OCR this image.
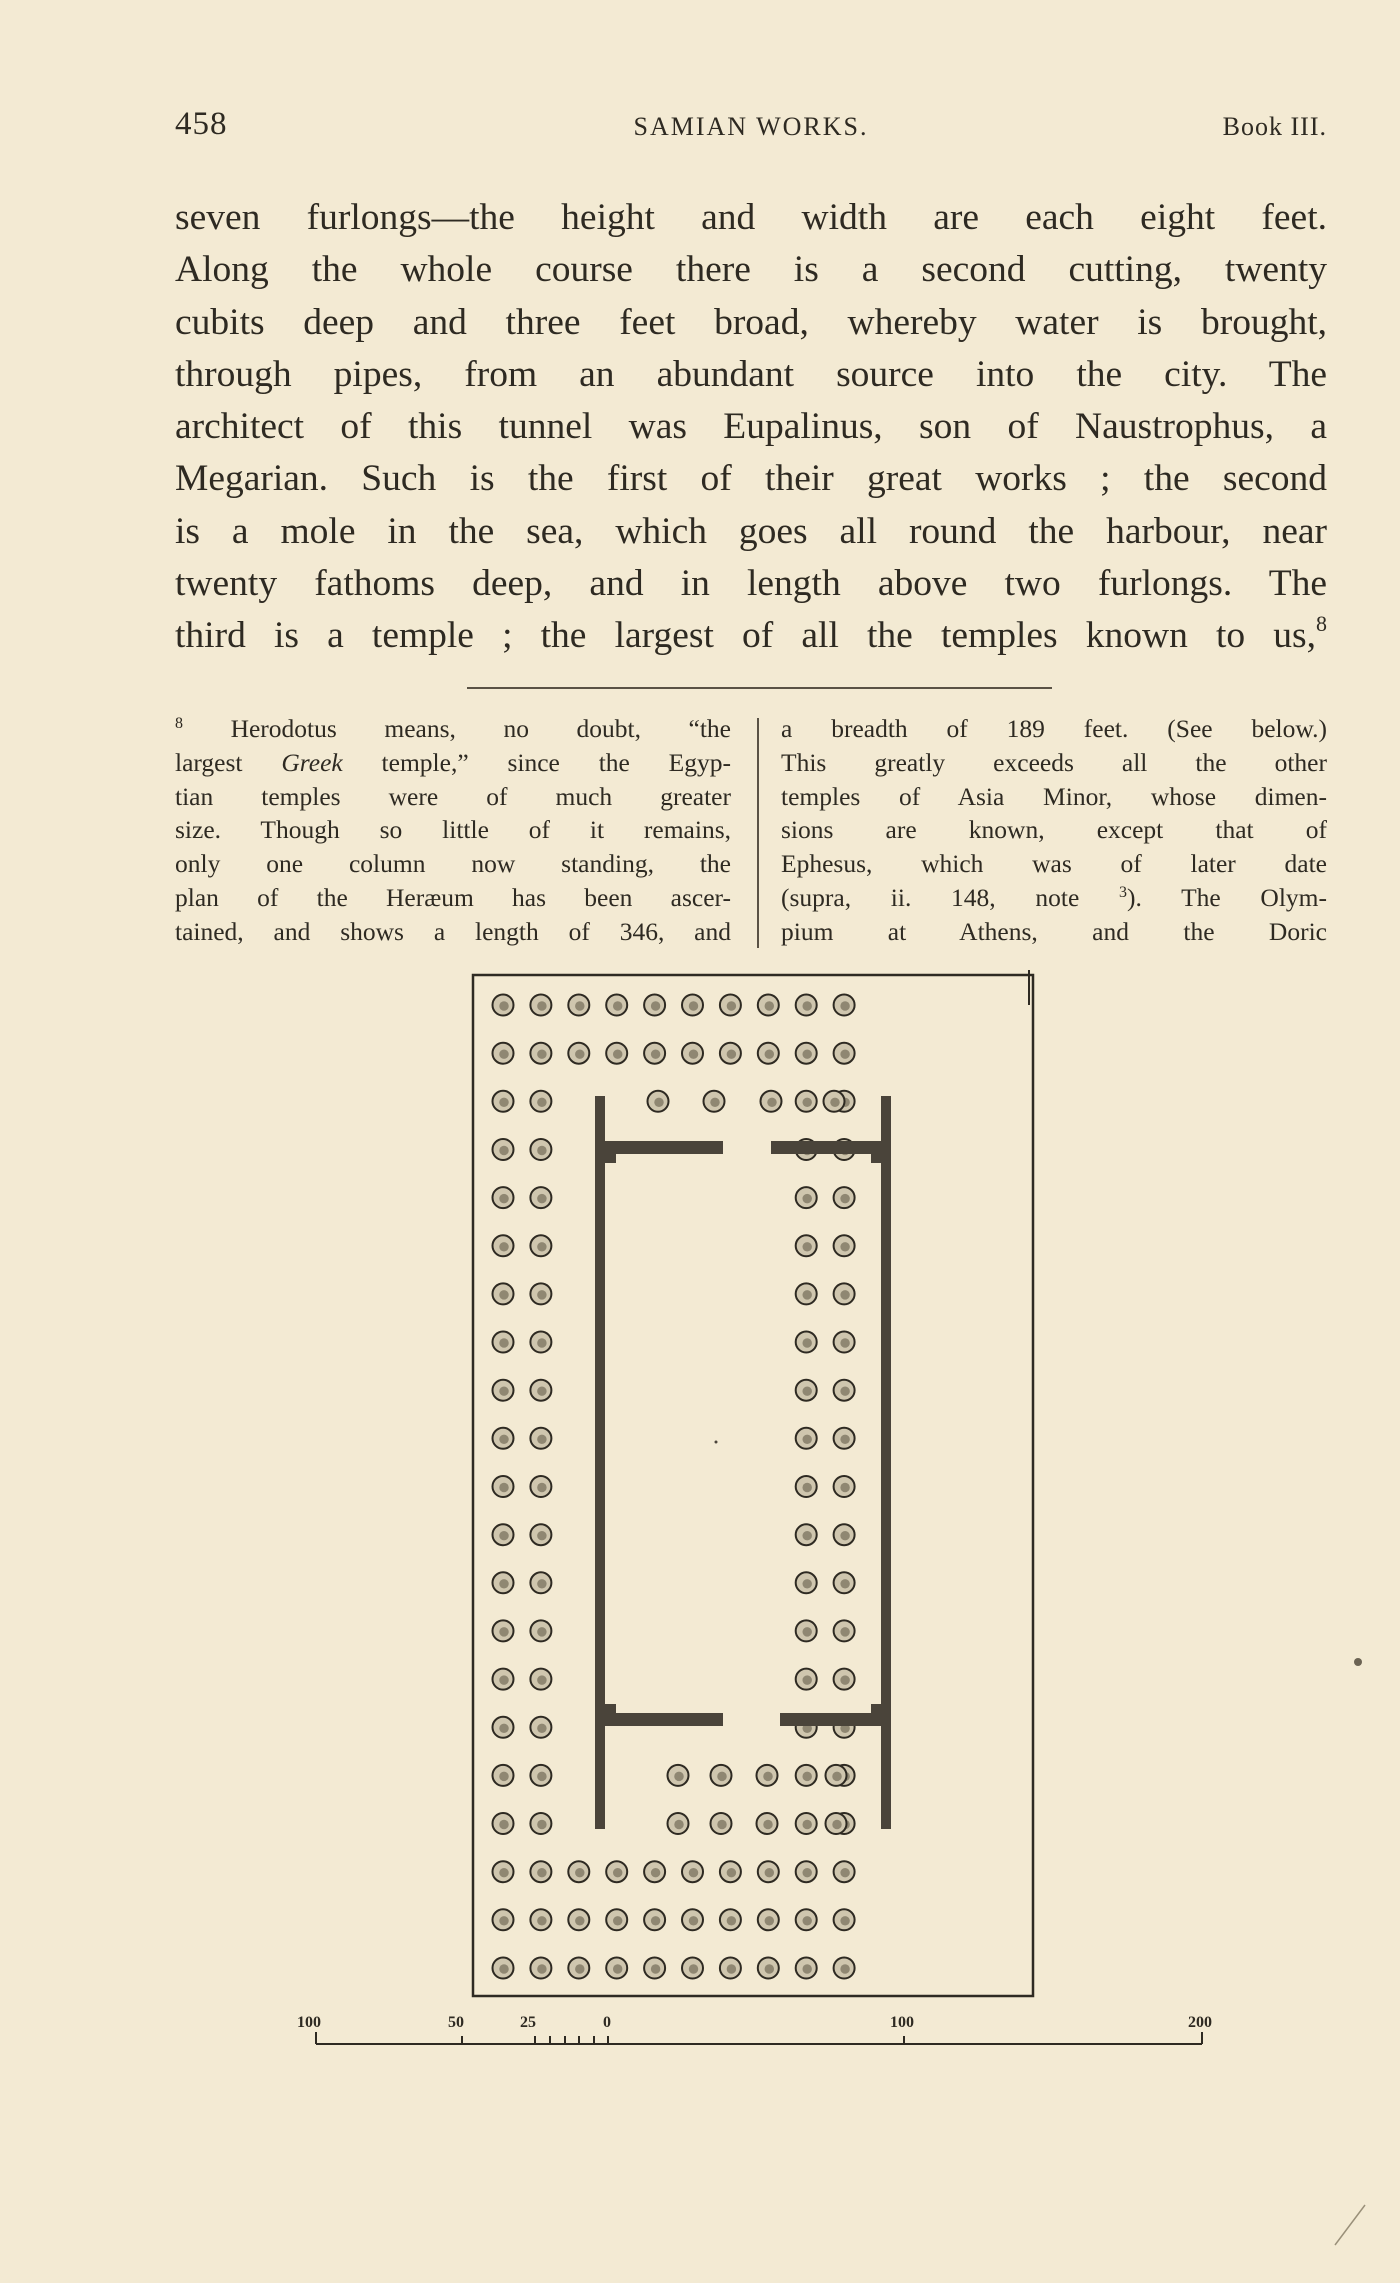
458	SAMIAN WORKS.	Book III.
seven furlongs—the height and width are each eight feet.
Along the whole course there is a second cutting, twenty
cubits deep and three feet broad, whereby water is brought,
through pipes, from an abundant source into the city. The
architect of this tunnel was Eupalinus, son of Naustrophus, a
Megarian. Such is the first of their great works ; the second
is a mole in the sea, which goes all round the harbour, near
twenty fathoms deep, and in length above two furlongs. The
third is a temple ; the largest of all the temples known to us,$^8$
$^8$ Herodotus means, no doubt, “the
largest Greek temple,” since the Egyp-
tian temples were of much greater
size. Though so little of it remains,
only one column now standing, the
plan of the Heræum has been ascer-
tained, and shows a length of 346, and
a breadth of 189 feet. (See below.)
This greatly exceeds all the other
temples of Asia Minor, whose dimen-
sions are known, except that of
Ephesus, which was of later date
(supra, ii. 148, note $^3$). The Olym-
pium at Athens, and the Doric
100	50	25	0	100	200
